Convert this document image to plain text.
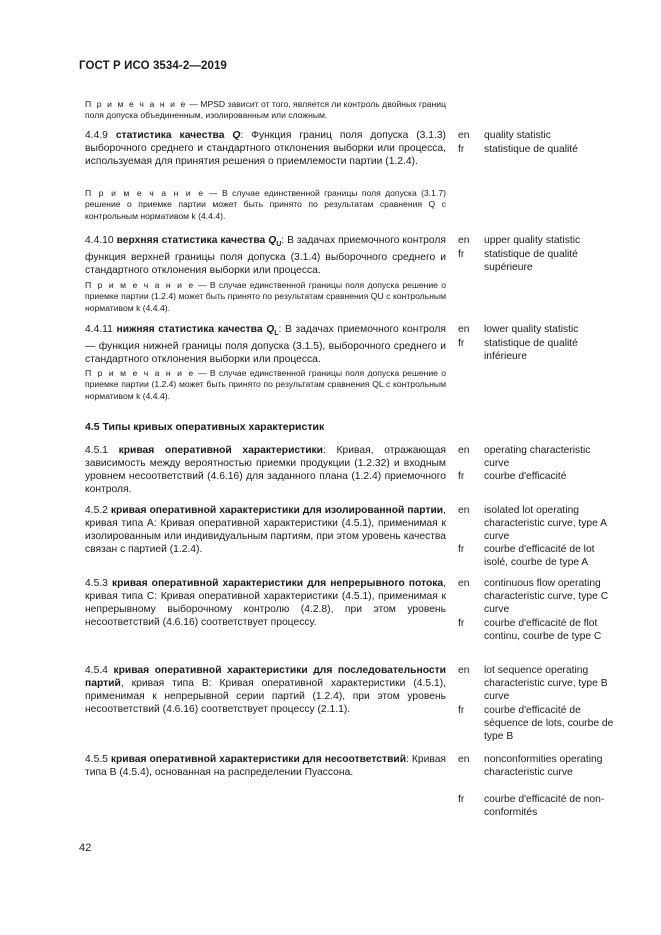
ГОСТ Р ИСО 3534-2—2019
П р и м е ч а н и е — MPSD зависит от того, является ли контроль двойных границ поля допуска объединенным, изолированным или сложным.
4.4.9 статистика качества Q: Функция границ поля допуска (3.1.3) выборочного среднего и стандартного отклонения выборки или процесса, используемая для принятия решения о приемлемости партии (1.2.4).
en quality statistic
fr statistique de qualité
П р и м е ч а н и е — В случае единственной границы поля допуска (3.1.7) решение о приемке партии может быть принято по результатам сравнения Q с контрольным нормативом k (4.4.4).
4.4.10 верхняя статистика качества $Q_U$: В задачах приемочного контроля функция верхней границы поля допуска (3.1.4) выборочного среднего и стандартного отклонения выборки или процесса.
en upper quality statistic
fr statistique de qualité supérieure
П р и м е ч а н и е — В случае единственной границы поля допуска решение о приемке партии (1.2.4) может быть принято по результатам сравнения QU с контрольным нормативом k (4.4.4).
4.4.11 нижняя статистика качества $Q_L$: В задачах приемочного контроля — функция нижней границы поля допуска (3.1.5), выборочного среднего и стандартного отклонения выборки или процесса.
en lower quality statistic
fr statistique de qualité inférieure
П р и м е ч а н и е — В случае единственной границы поля допуска решение о приемке партии (1.2.4) может быть принято по результатам сравнения QL с контрольным нормативом k (4.4.4).
4.5 Типы кривых оперативных характеристик
4.5.1 кривая оперативной характеристики: Кривая, отражающая зависимость между вероятностью приемки продукции (1.2.32) и входным уровнем несоответствий (4.6.16) для заданного плана (1.2.4) приемочного контроля.
en operating characteristic curve
fr courbe d'efficacité
4.5.2 кривая оперативной характеристики для изолированной партии, кривая типа А: Кривая оперативной характеристики (4.5.1), применимая к изолированным или индивидуальным партиям, при этом уровень качества связан с партией (1.2.4).
en isolated lot operating characteristic curve, type A curve
fr courbe d'efficacité de lot isolé, courbe de type A
4.5.3 кривая оперативной характеристики для непрерывного потока, кривая типа С: Кривая оперативной характеристики (4.5.1), применимая к непрерывному выборочному контролю (4.2.8), при этом уровень несоответствий (4.6.16) соответствует процессу.
en continuous flow operating characteristic curve, type C curve
fr courbe d'efficacité de flot continu, courbe de type C
4.5.4 кривая оперативной характеристики для последовательности партий, кривая типа В: Кривая оперативной характеристики (4.5.1), применимая к непрерывной серии партий (1.2.4), при этом уровень несоответствий (4.6.16) соответствует процессу (2.1.1).
en lot sequence operating characteristic curve, type B curve
fr courbe d'efficacité de séquence de lots, courbe de type B
4.5.5 кривая оперативной характеристики для несоответствий: Кривая типа В (4.5.4), основанная на распределении Пуассона.
en nonconformities operating characteristic curve
fr courbe d'efficacité de non-conformités
42
